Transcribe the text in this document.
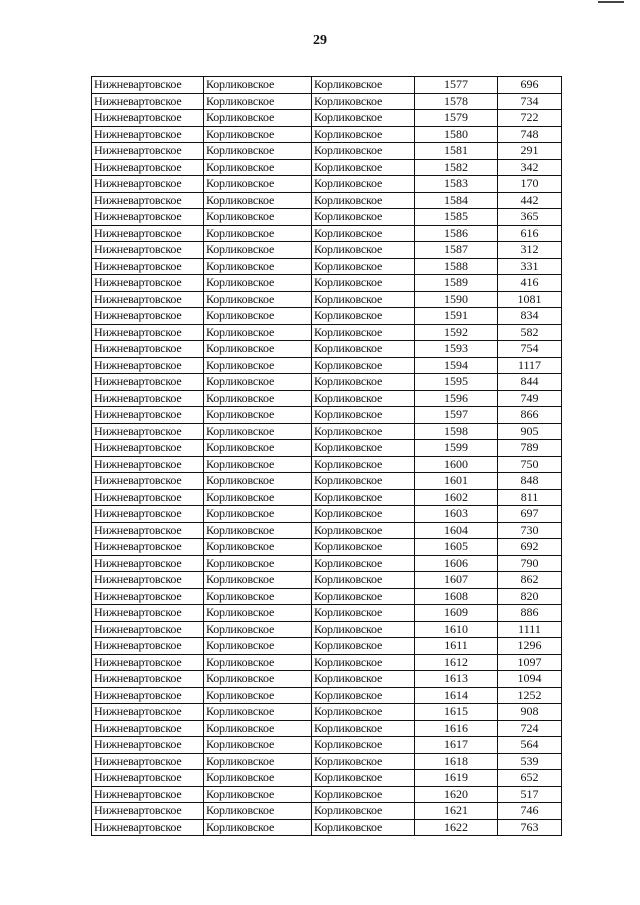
29
Нижневартовское	Корликовское	Корликовское	1577	696
Нижневартовское	Корликовское	Корликовское	1578	734
Нижневартовское	Корликовское	Корликовское	1579	722
Нижневартовское	Корликовское	Корликовское	1580	748
Нижневартовское	Корликовское	Корликовское	1581	291
Нижневартовское	Корликовское	Корликовское	1582	342
Нижневартовское	Корликовское	Корликовское	1583	170
Нижневартовское	Корликовское	Корликовское	1584	442
Нижневартовское	Корликовское	Корликовское	1585	365
Нижневартовское	Корликовское	Корликовское	1586	616
Нижневартовское	Корликовское	Корликовское	1587	312
Нижневартовское	Корликовское	Корликовское	1588	331
Нижневартовское	Корликовское	Корликовское	1589	416
Нижневартовское	Корликовское	Корликовское	1590	1081
Нижневартовское	Корликовское	Корликовское	1591	834
Нижневартовское	Корликовское	Корликовское	1592	582
Нижневартовское	Корликовское	Корликовское	1593	754
Нижневартовское	Корликовское	Корликовское	1594	1117
Нижневартовское	Корликовское	Корликовское	1595	844
Нижневартовское	Корликовское	Корликовское	1596	749
Нижневартовское	Корликовское	Корликовское	1597	866
Нижневартовское	Корликовское	Корликовское	1598	905
Нижневартовское	Корликовское	Корликовское	1599	789
Нижневартовское	Корликовское	Корликовское	1600	750
Нижневартовское	Корликовское	Корликовское	1601	848
Нижневартовское	Корликовское	Корликовское	1602	811
Нижневартовское	Корликовское	Корликовское	1603	697
Нижневартовское	Корликовское	Корликовское	1604	730
Нижневартовское	Корликовское	Корликовское	1605	692
Нижневартовское	Корликовское	Корликовское	1606	790
Нижневартовское	Корликовское	Корликовское	1607	862
Нижневартовское	Корликовское	Корликовское	1608	820
Нижневартовское	Корликовское	Корликовское	1609	886
Нижневартовское	Корликовское	Корликовское	1610	1111
Нижневартовское	Корликовское	Корликовское	1611	1296
Нижневартовское	Корликовское	Корликовское	1612	1097
Нижневартовское	Корликовское	Корликовское	1613	1094
Нижневартовское	Корликовское	Корликовское	1614	1252
Нижневартовское	Корликовское	Корликовское	1615	908
Нижневартовское	Корликовское	Корликовское	1616	724
Нижневартовское	Корликовское	Корликовское	1617	564
Нижневартовское	Корликовское	Корликовское	1618	539
Нижневартовское	Корликовское	Корликовское	1619	652
Нижневартовское	Корликовское	Корликовское	1620	517
Нижневартовское	Корликовское	Корликовское	1621	746
Нижневартовское	Корликовское	Корликовское	1622	763
